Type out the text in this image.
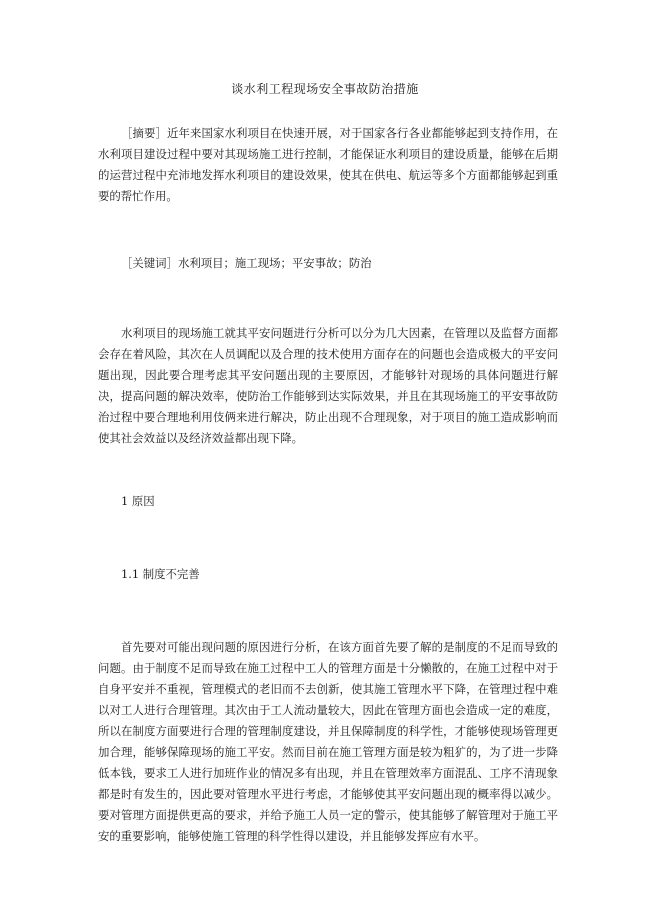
谈水利工程现场安全事故防治措施

［摘要］近年来国家水利项目在快速开展，对于国家各行各业都能够起到支持作用，在水利项目建设过程中要对其现场施工进行控制，才能保证水利项目的建设质量，能够在后期的运营过程中充沛地发挥水利项目的建设效果，使其在供电、航运等多个方面都能够起到重要的帮忙作用。

［关键词］水利项目；施工现场；平安事故；防治

水利项目的现场施工就其平安问题进行分析可以分为几大因素，在管理以及监督方面都会存在着风险，其次在人员调配以及合理的技术使用方面存在的问题也会造成极大的平安问题出现，因此要合理考虑其平安问题出现的主要原因，才能够针对现场的具体问题进行解决，提高问题的解决效率，使防治工作能够到达实际效果，并且在其现场施工的平安事故防治过程中要合理地利用伎俩来进行解决，防止出现不合理现象，对于项目的施工造成影响而使其社会效益以及经济效益都出现下降。

1 原因
1.1 制度不完善

首先要对可能出现问题的原因进行分析，在该方面首先要了解的是制度的不足而导致的问题。由于制度不足而导致在施工过程中工人的管理方面是十分懒散的，在施工过程中对于自身平安并不重视，管理模式的老旧而不去创新，使其施工管理水平下降，在管理过程中难以对工人进行合理管理。其次由于工人流动量较大，因此在管理方面也会造成一定的难度，所以在制度方面要进行合理的管理制度建设，并且保障制度的科学性，才能够使现场管理更加合理，能够保障现场的施工平安。然而目前在施工管理方面是较为粗犷的，为了进一步降低本钱，要求工人进行加班作业的情况多有出现，并且在管理效率方面混乱、工序不清现象都是时有发生的，因此要对管理水平进行考虑，才能够使其平安问题出现的概率得以减少。要对管理方面提供更高的要求，并给予施工人员一定的警示，使其能够了解管理对于施工平安的重要影响，能够使施工管理的科学性得以建设，并且能够发挥应有水平。
